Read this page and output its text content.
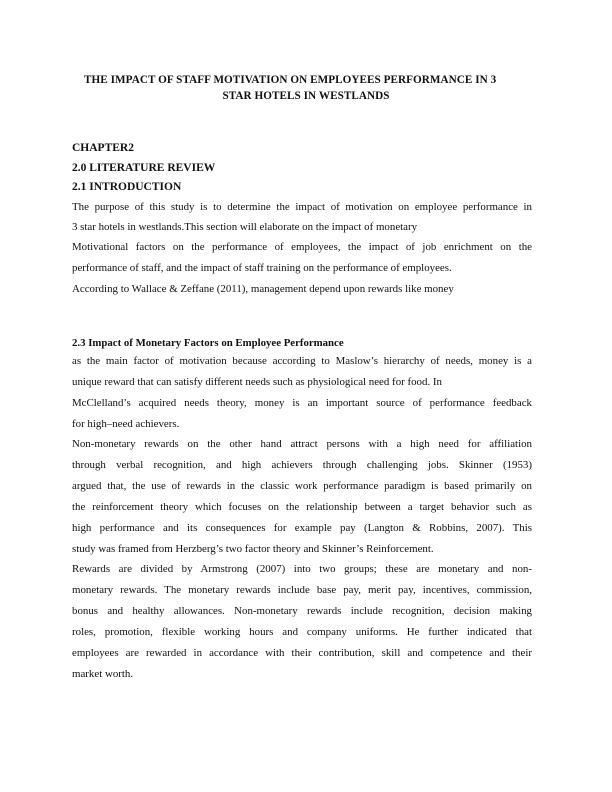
THE IMPACT OF STAFF MOTIVATION ON EMPLOYEES PERFORMANCE IN 3
STAR HOTELS IN WESTLANDS
CHAPTER2
2.0 LITERATURE REVIEW
2.1 INTRODUCTION
The purpose of this study is to determine the impact of motivation on employee performance in
3 star hotels in westlands.This section will elaborate on the impact of monetary
Motivational factors on the performance of employees, the impact of job enrichment on the
performance of staff, and the impact of staff training on the performance of employees.
According to Wallace & Zeffane (2011), management depend upon rewards like money
2.3 Impact of Monetary Factors on Employee Performance
as the main factor of motivation because according to Maslow’s hierarchy of needs, money is a
unique reward that can satisfy different needs such as physiological need for food. In
McClelland’s acquired needs theory, money is an important source of performance feedback
for high–need achievers.
Non-monetary rewards on the other hand attract persons with a high need for affiliation
through verbal recognition, and high achievers through challenging jobs. Skinner (1953)
argued that, the use of rewards in the classic work performance paradigm is based primarily on
the reinforcement theory which focuses on the relationship between a target behavior such as
high performance and its consequences for example pay (Langton & Robbins, 2007). This
study was framed from Herzberg’s two factor theory and Skinner’s Reinforcement.
Rewards are divided by Armstrong (2007) into two groups; these are monetary and non-
monetary rewards. The monetary rewards include base pay, merit pay, incentives, commission,
bonus and healthy allowances. Non-monetary rewards include recognition, decision making
roles, promotion, flexible working hours and company uniforms. He further indicated that
employees are rewarded in accordance with their contribution, skill and competence and their
market worth.
